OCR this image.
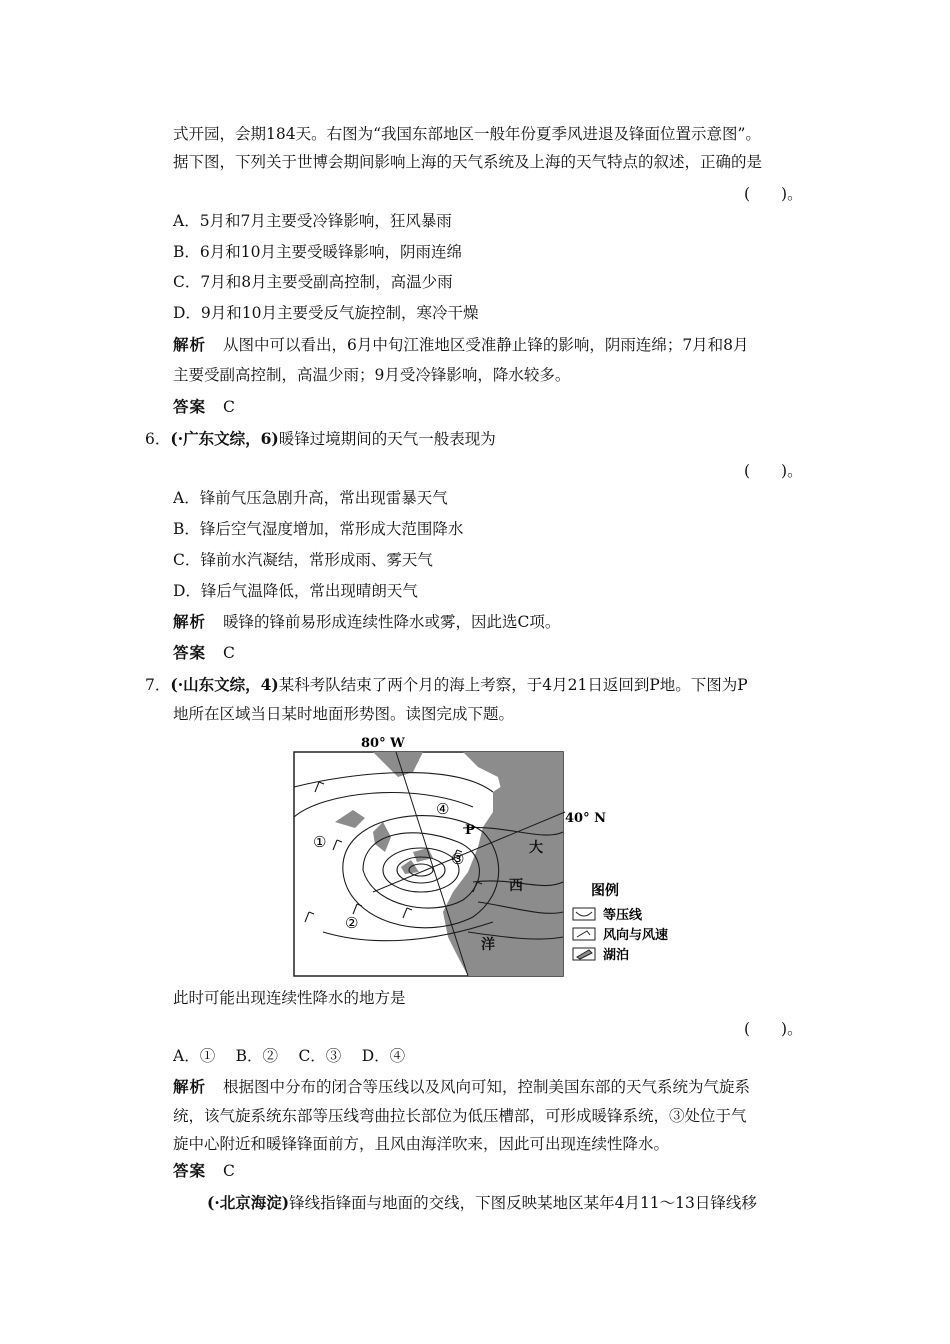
式开园，会期184天。右图为“我国东部地区一般年份夏季风进退及锋面位置示意图”。
据下图，下列关于世博会期间影响上海的天气系统及上海的天气特点的叙述，正确的是
(　　)。
A．5月和7月主要受冷锋影响，狂风暴雨
B．6月和10月主要受暖锋影响，阴雨连绵
C．7月和8月主要受副高控制，高温少雨
D．9月和10月主要受反气旋控制，寒冷干燥
解析 从图中可以看出，6月中旬江淮地区受准静止锋的影响，阴雨连绵；7月和8月
主要受副高控制，高温少雨；9月受冷锋影响，降水较多。
答案 C
6．(·广东文综，6)暖锋过境期间的天气一般表现为
(　　)。
A．锋前气压急剧升高，常出现雷暴天气
B．锋后空气湿度增加，常形成大范围降水
C．锋前水汽凝结，常形成雨、雾天气
D．锋后气温降低，常出现晴朗天气
解析 暖锋的锋前易形成连续性降水或雾，因此选C项。
答案 C
7．(·山东文综，4)某科考队结束了两个月的海上考察，于4月21日返回到P地。下图为P
地所在区域当日某时地面形势图。读图完成下题。
80° W
40° N
P
①
②
③
④
大
西
洋
图例
等压线
风向与风速
湖泊
此时可能出现连续性降水的地方是
(　　)。
A．①　 B．②　 C．③　 D．④
解析 根据图中分布的闭合等压线以及风向可知，控制美国东部的天气系统为气旋系
统，该气旋系统东部等压线弯曲拉长部位为低压槽部，可形成暖锋系统，③处位于气
旋中心附近和暖锋锋面前方，且风由海洋吹来，因此可出现连续性降水。
答案 C
(·北京海淀)锋线指锋面与地面的交线，下图反映某地区某年4月11～13日锋线移
